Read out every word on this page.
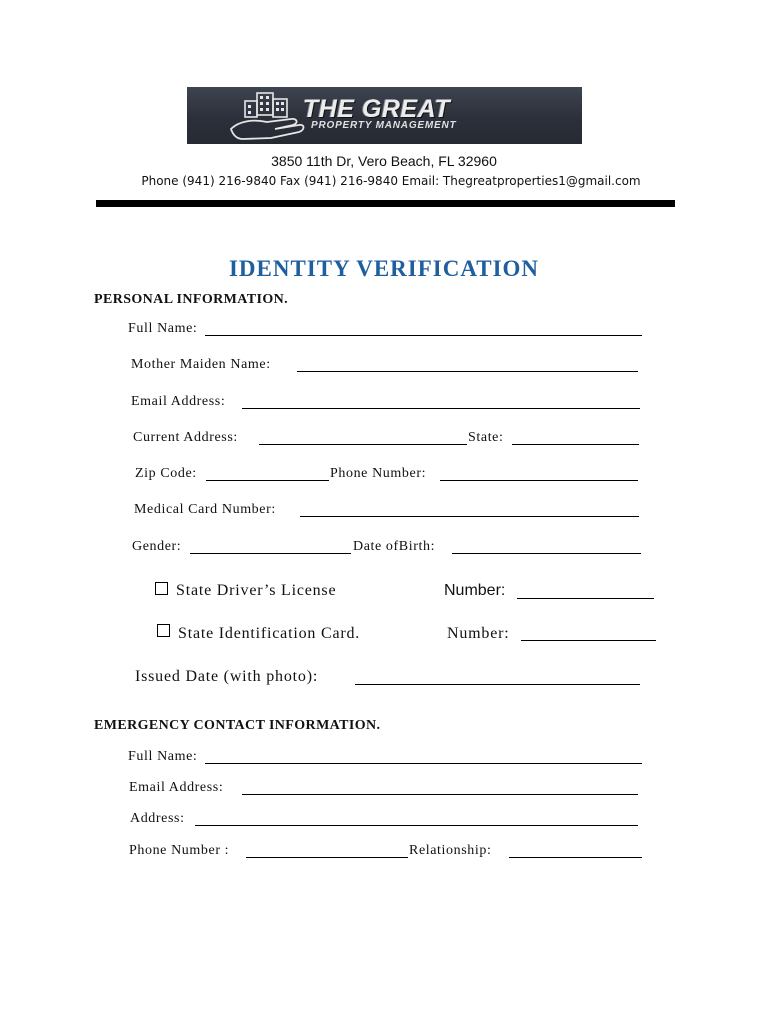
THE GREAT
PROPERTY MANAGEMENT
3850 11th Dr, Vero Beach, FL 32960
Phone (941) 216-9840 Fax (941) 216-9840 Email: Thegreatproperties1@gmail.com
IDENTITY VERIFICATION
PERSONAL INFORMATION.
Full Name:
Mother Maiden Name:
Email Address:
Current Address:	State:
Zip Code:	Phone Number:
Medical Card Number:
Gender:	Date ofBirth:
State Driver’s License	Number:
State Identification Card.	Number:
Issued Date (with photo):
EMERGENCY CONTACT INFORMATION.
Full Name:
Email Address:
Address:
Phone Number :	Relationship:
